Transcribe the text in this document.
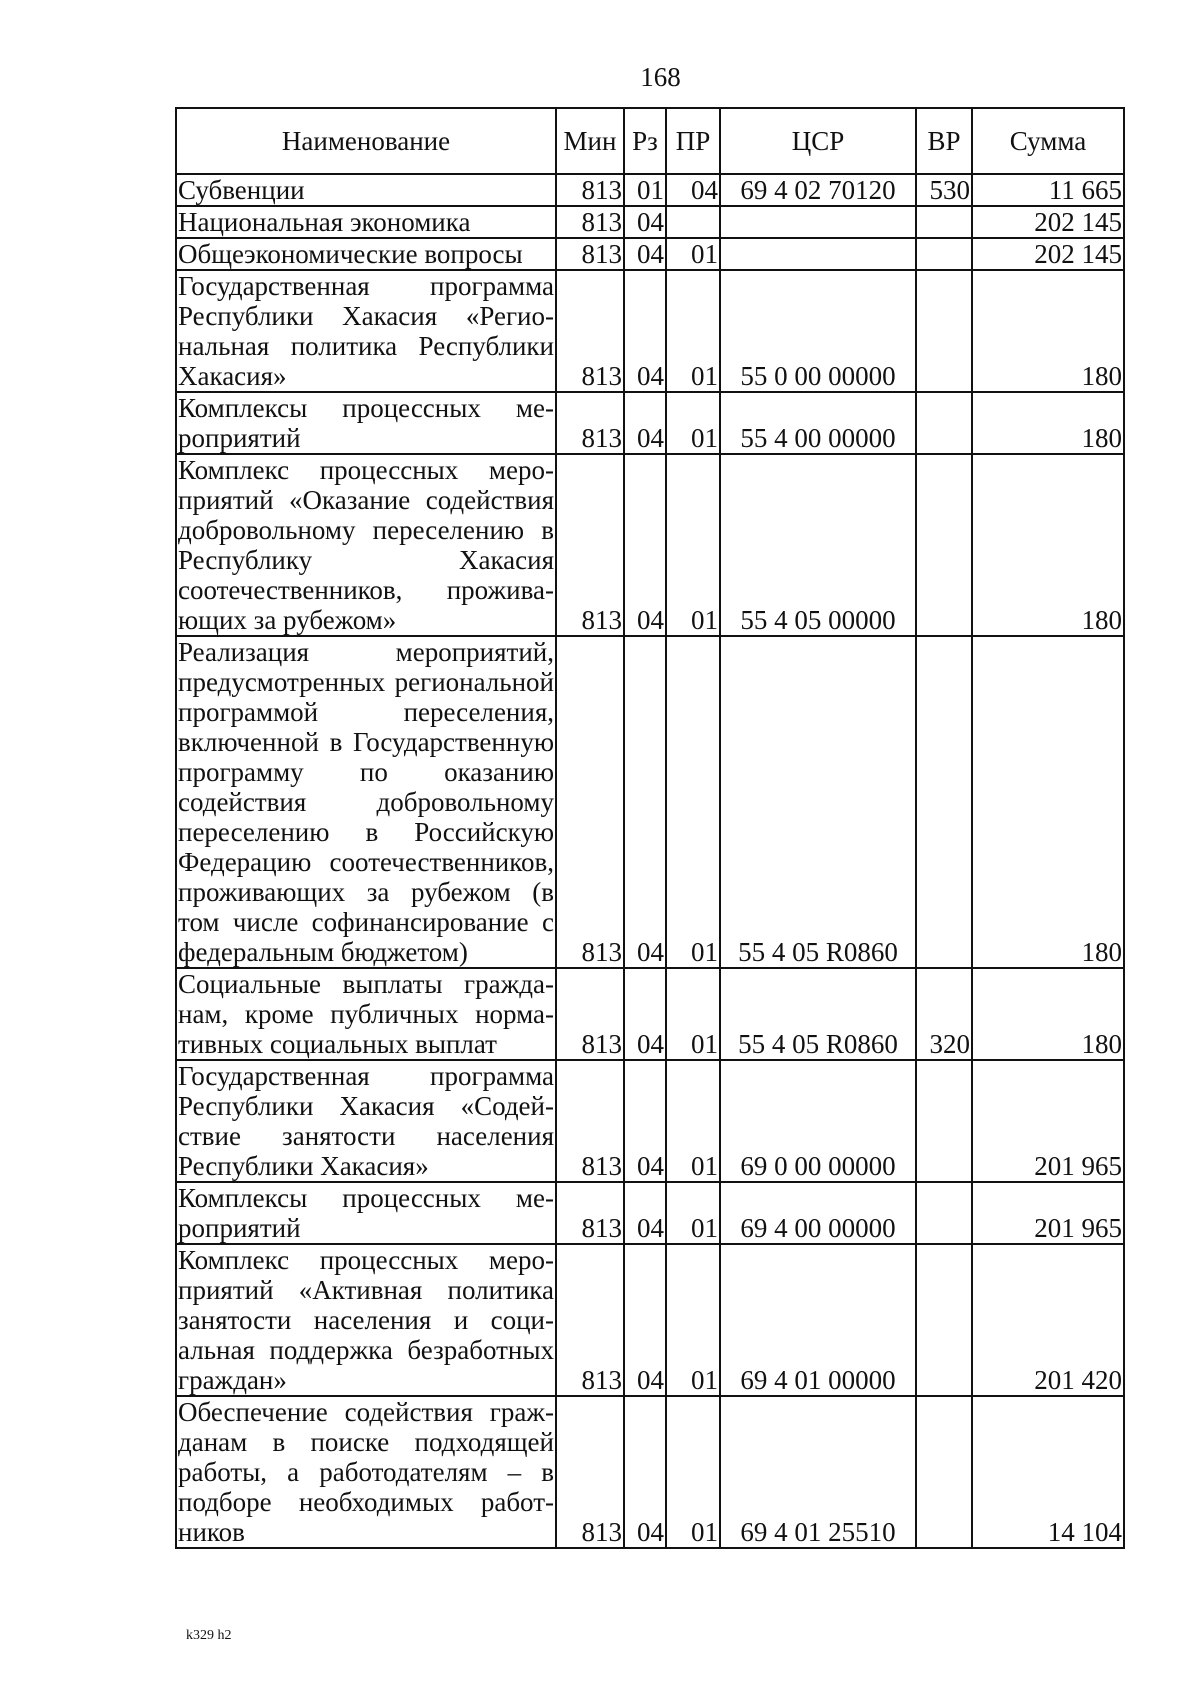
168
Наименование	Мин	Рз	ПР	ЦСР	ВР	Сумма
Субвенции	813	01	04	69 4 02 70120	530	11 665
Национальная экономика	813	04				202 145
Общеэкономические вопросы	813	04	01			202 145
Государственная программа Республики Хакасия «Региональная политика Республики Хакасия»	813	04	01	55 0 00 00000		180
Комплексы процессных мероприятий	813	04	01	55 4 00 00000		180
Комплекс процессных мероприятий «Оказание содействия добровольному переселению в Республику Хакасия соотечественников, проживающих за рубежом»	813	04	01	55 4 05 00000		180
Реализация мероприятий, предусмотренных региональной программой переселения, включенной в Государственную программу по оказанию содействия добровольному переселению в Российскую Федерацию соотечественников, проживающих за рубежом (в том числе софинансирование с федеральным бюджетом)	813	04	01	55 4 05 R0860		180
Социальные выплаты гражданам, кроме публичных нормативных социальных выплат	813	04	01	55 4 05 R0860	320	180
Государственная программа Республики Хакасия «Содействие занятости населения Республики Хакасия»	813	04	01	69 0 00 00000		201 965
Комплексы процессных мероприятий	813	04	01	69 4 00 00000		201 965
Комплекс процессных мероприятий «Активная политика занятости населения и социальная поддержка безработных граждан»	813	04	01	69 4 01 00000		201 420
Обеспечение содействия гражданам в поиске подходящей работы, а работодателям – в подборе необходимых работников	813	04	01	69 4 01 25510		14 104
k329 h2
